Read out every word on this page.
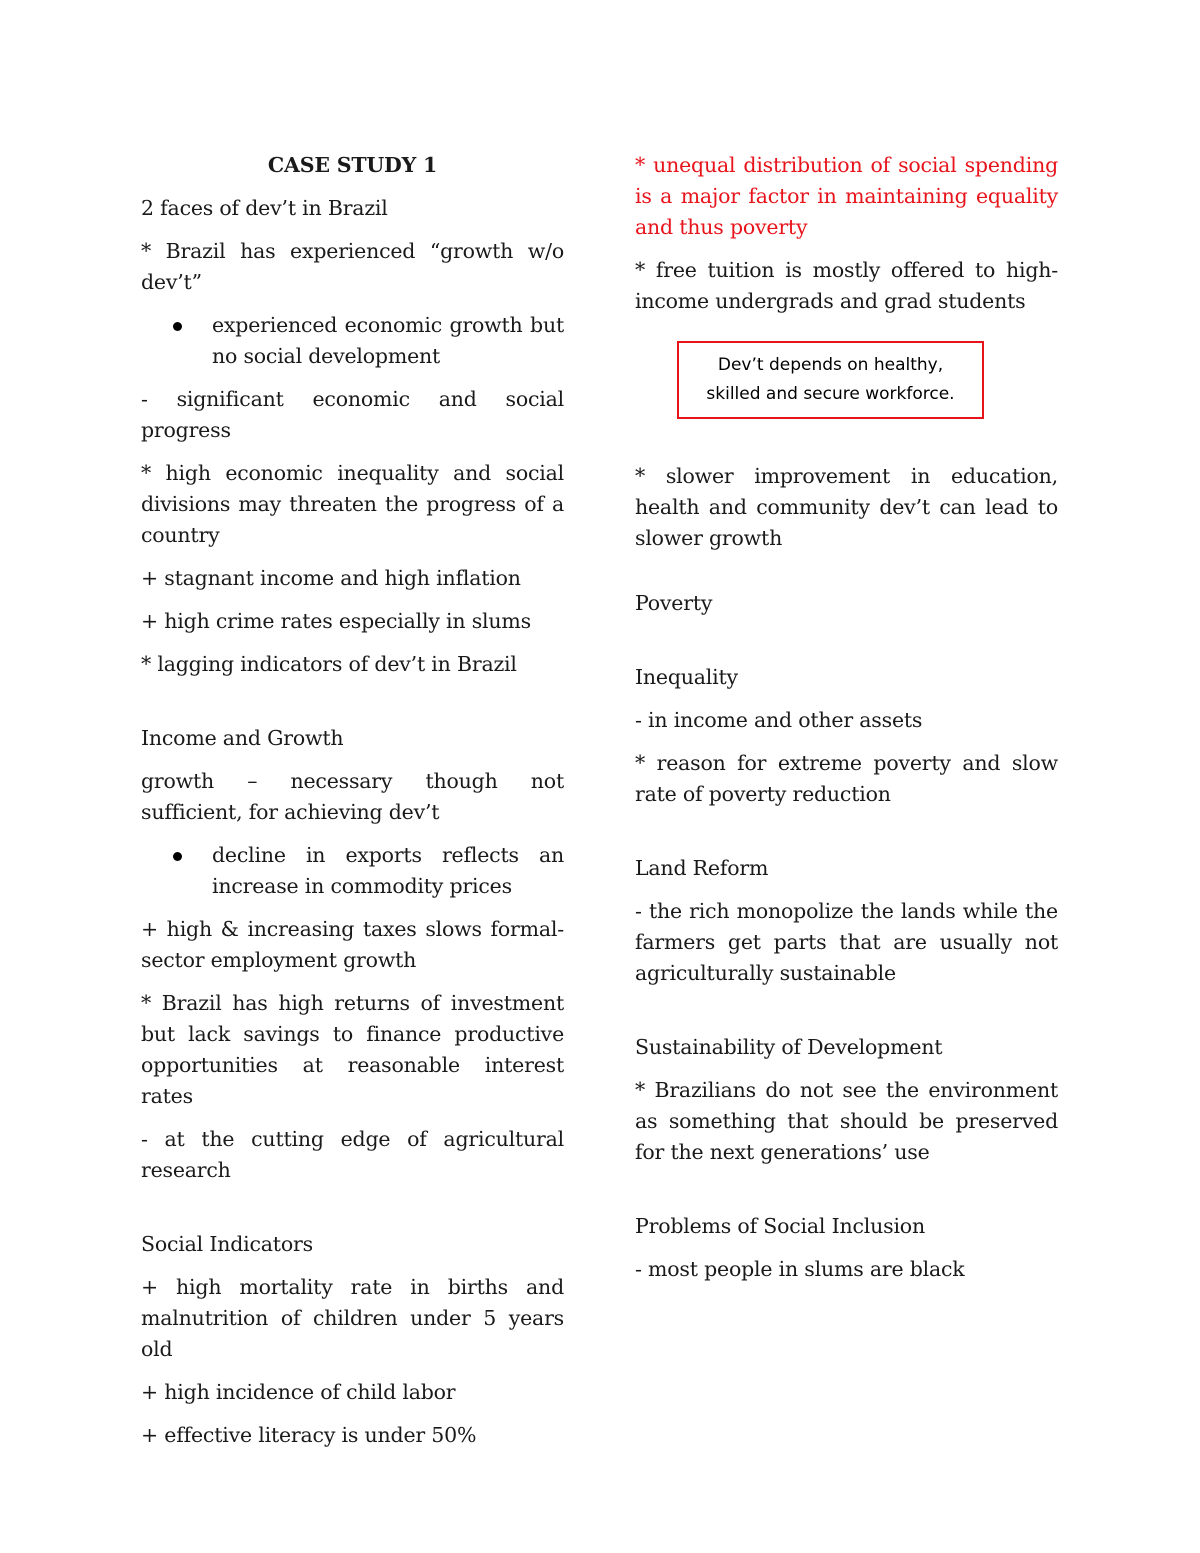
CASE STUDY 1

2 faces of dev’t in Brazil

* Brazil has experienced “growth w/o dev’t”

experienced economic growth but no social development

- significant economic and social progress

* high economic inequality and social divisions may threaten the progress of a country

+ stagnant income and high inflation

+ high crime rates especially in slums

* lagging indicators of dev’t in Brazil

Income and Growth

growth – necessary though not sufficient, for achieving dev’t

decline in exports reflects an increase in commodity prices

+ high & increasing taxes slows formal-sector employment growth

* Brazil has high returns of investment but lack savings to finance productive opportunities at reasonable interest rates

- at the cutting edge of agricultural research

Social Indicators

+ high mortality rate in births and malnutrition of children under 5 years old

+ high incidence of child labor

+ effective literacy is under 50%

* unequal distribution of social spending is a major factor in maintaining equality and thus poverty

* free tuition is mostly offered to high-income undergrads and grad students

Dev’t depends on healthy,
skilled and secure workforce.

* slower improvement in education, health and community dev’t can lead to slower growth

Poverty

Inequality

- in income and other assets

* reason for extreme poverty and slow rate of poverty reduction

Land Reform

- the rich monopolize the lands while the farmers get parts that are usually not agriculturally sustainable

Sustainability of Development

* Brazilians do not see the environment as something that should be preserved for the next generations’ use

Problems of Social Inclusion

- most people in slums are black
